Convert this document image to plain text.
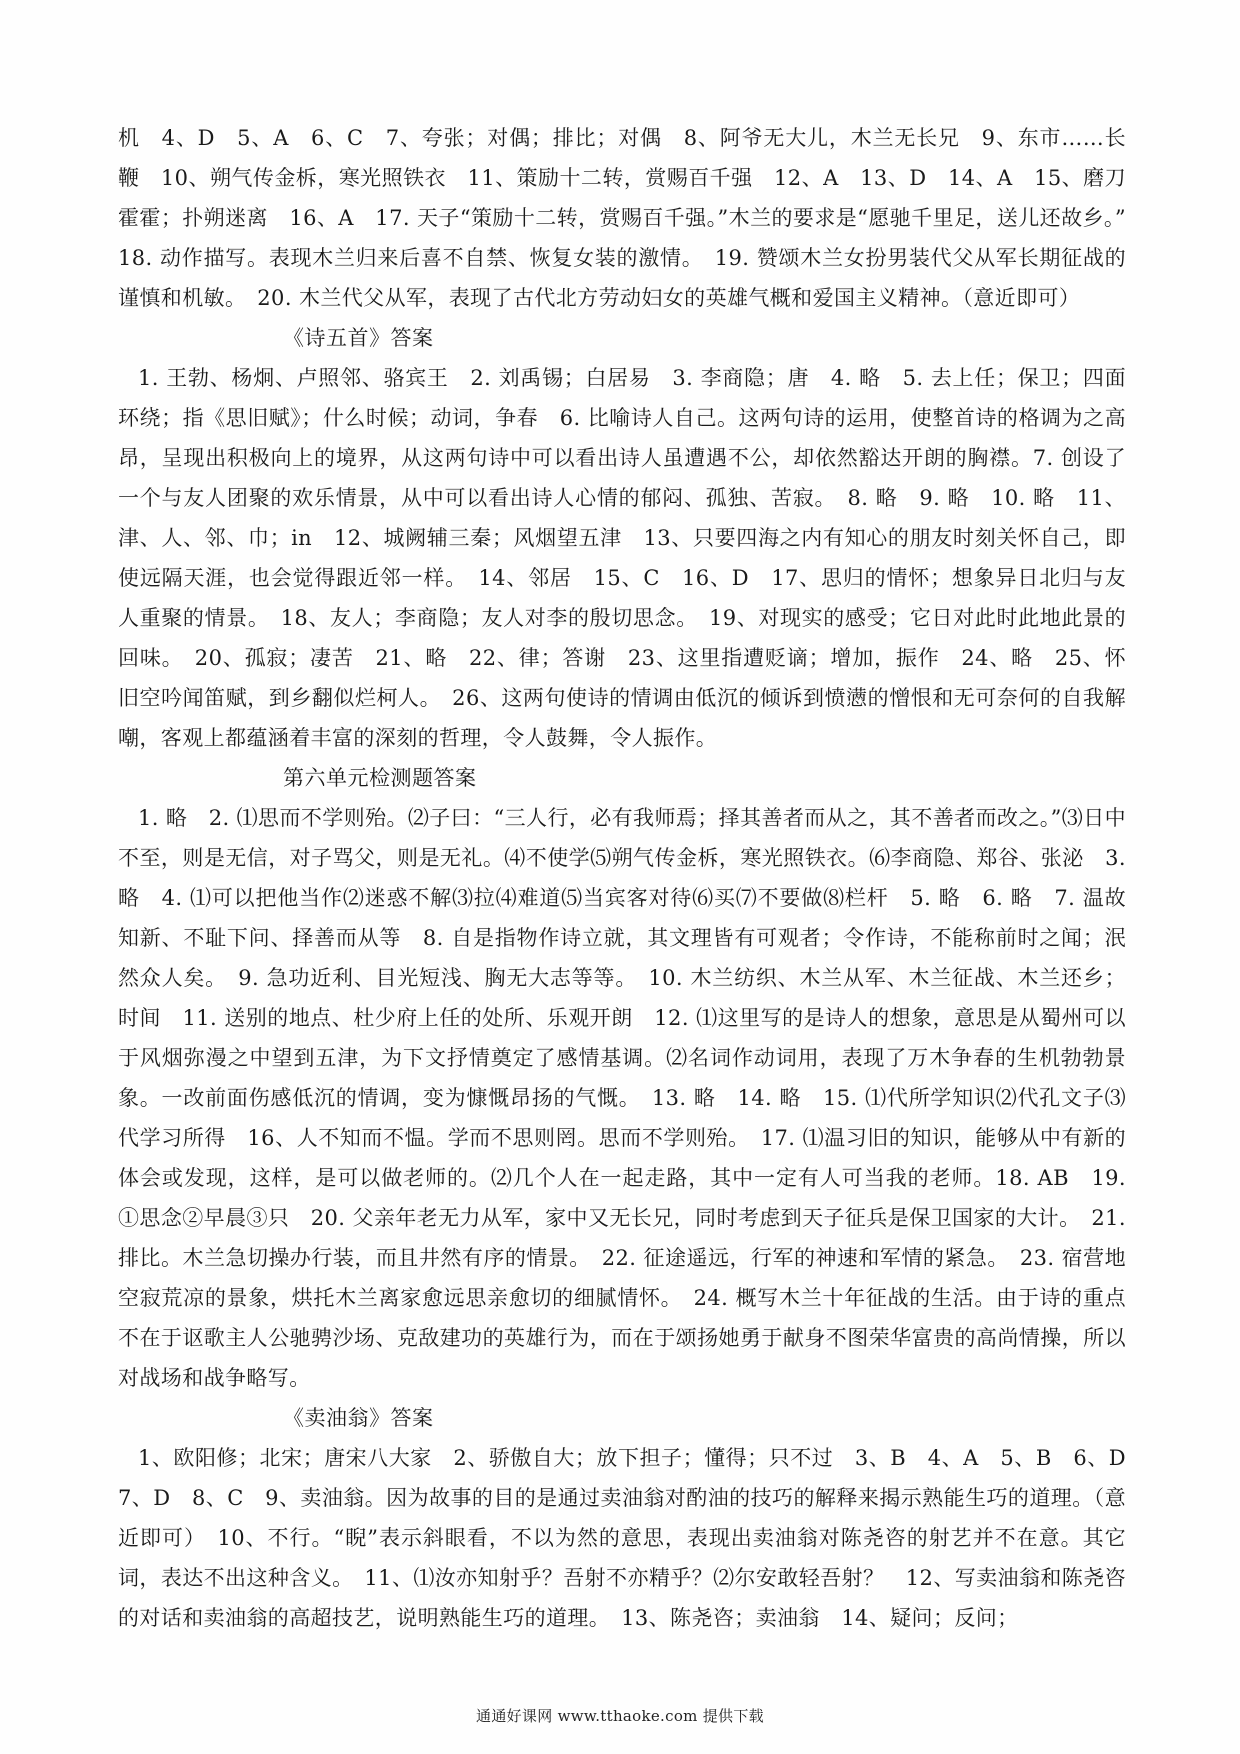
机　4、D　5、A　6、C　7、夸张；对偶；排比；对偶　8、阿爷无大儿，木兰无长兄　9、东市……长鞭　10、朔气传金柝，寒光照铁衣　11、策励十二转，赏赐百千强　12、A　13、D　14、A　15、磨刀霍霍；扑朔迷离　16、A　17. 天子“策励十二转，赏赐百千强。”木兰的要求是“愿驰千里足，送儿还故乡。”　18. 动作描写。表现木兰归来后喜不自禁、恢复女装的激情。　19. 赞颂木兰女扮男装代父从军长期征战的谨慎和机敏。　20. 木兰代父从军，表现了古代北方劳动妇女的英雄气概和爱国主义精神。（意近即可）

《诗五首》答案

1. 王勃、杨炯、卢照邻、骆宾王　2. 刘禹锡；白居易　3. 李商隐；唐　4. 略　5. 去上任；保卫；四面环绕；指《思旧赋》；什么时候；动词，争春　6. 比喻诗人自己。这两句诗的运用，使整首诗的格调为之高昂，呈现出积极向上的境界，从这两句诗中可以看出诗人虽遭遇不公，却依然豁达开朗的胸襟。7. 创设了一个与友人团聚的欢乐情景，从中可以看出诗人心情的郁闷、孤独、苦寂。　8. 略　9. 略　10. 略　11、津、人、邻、巾；in　12、城阙辅三秦；风烟望五津　13、只要四海之内有知心的朋友时刻关怀自己，即使远隔天涯，也会觉得跟近邻一样。　14、邻居　15、C　16、D　17、思归的情怀；想象异日北归与友人重聚的情景。　18、友人；李商隐；友人对李的殷切思念。　19、对现实的感受；它日对此时此地此景的回味。　20、孤寂；凄苦　21、略　22、律；答谢　23、这里指遭贬谪；增加，振作　24、略　25、怀旧空吟闻笛赋，到乡翻似烂柯人。　26、这两句使诗的情调由低沉的倾诉到愤懑的憎恨和无可奈何的自我解嘲，客观上都蕴涵着丰富的深刻的哲理，令人鼓舞，令人振作。

第六单元检测题答案

1. 略　2. ⑴思而不学则殆。⑵子曰：“三人行，必有我师焉；择其善者而从之，其不善者而改之。”⑶日中不至，则是无信，对子骂父，则是无礼。⑷不使学⑸朔气传金柝，寒光照铁衣。⑹李商隐、郑谷、张泌　3. 略　4. ⑴可以把他当作⑵迷惑不解⑶拉⑷难道⑸当宾客对待⑹买⑺不要做⑻栏杆　5. 略　6. 略　7. 温故知新、不耻下问、择善而从等　8. 自是指物作诗立就，其文理皆有可观者；令作诗，不能称前时之闻；泯然众人矣。　9. 急功近利、目光短浅、胸无大志等等。　10. 木兰纺织、木兰从军、木兰征战、木兰还乡；时间　11. 送别的地点、杜少府上任的处所、乐观开朗　12. ⑴这里写的是诗人的想象，意思是从蜀州可以于风烟弥漫之中望到五津，为下文抒情奠定了感情基调。⑵名词作动词用，表现了万木争春的生机勃勃景象。一改前面伤感低沉的情调，变为慷慨昂扬的气慨。　13. 略　14. 略　15. ⑴代所学知识⑵代孔文子⑶代学习所得　16、人不知而不愠。学而不思则罔。思而不学则殆。　17. ⑴温习旧的知识，能够从中有新的体会或发现，这样，是可以做老师的。⑵几个人在一起走路，其中一定有人可当我的老师。18. AB　19. ①思念②早晨③只　20. 父亲年老无力从军，家中又无长兄，同时考虑到天子征兵是保卫国家的大计。　21. 排比。木兰急切操办行装，而且井然有序的情景。　22. 征途遥远，行军的神速和军情的紧急。　23. 宿营地空寂荒凉的景象，烘托木兰离家愈远思亲愈切的细腻情怀。　24. 概写木兰十年征战的生活。由于诗的重点不在于讴歌主人公驰骋沙场、克敌建功的英雄行为，而在于颂扬她勇于献身不图荣华富贵的高尚情操，所以对战场和战争略写。

《卖油翁》答案

1、欧阳修；北宋；唐宋八大家　2、骄傲自大；放下担子；懂得；只不过　3、B　4、A　5、B　6、D　7、D　8、C　9、卖油翁。因为故事的目的是通过卖油翁对酌油的技巧的解释来揭示熟能生巧的道理。（意近即可）　10、不行。“睨”表示斜眼看，不以为然的意思，表现出卖油翁对陈尧咨的射艺并不在意。其它词，表达不出这种含义。　11、⑴汝亦知射乎？吾射不亦精乎？⑵尔安敢轻吾射？　12、写卖油翁和陈尧咨的对话和卖油翁的高超技艺，说明熟能生巧的道理。　13、陈尧咨；卖油翁　14、疑问；反问；

通通好课网 www.tthaoke.com 提供下载
